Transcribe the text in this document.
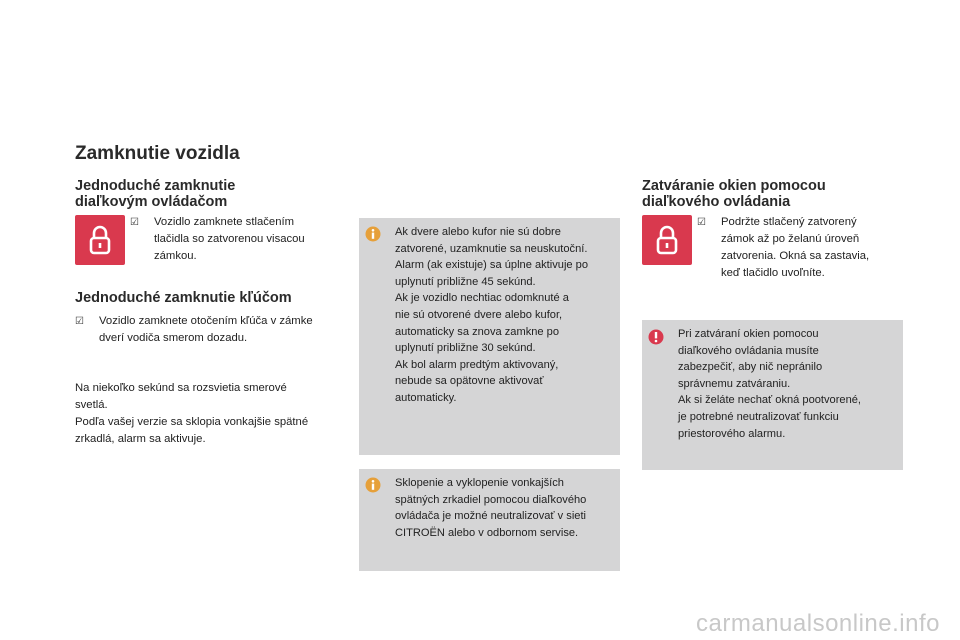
Zamknutie vozidla
Jednoduché zamknutie
diaľkovým ovládačom
☑	Vozidlo zamknete stlačením
tlačidla so zatvorenou visacou
zámkou.
Jednoduché zamknutie kľúčom
☑	Vozidlo zamknete otočením kľúča v zámke
dverí vodiča smerom dozadu.
Na niekoľko sekúnd sa rozsvietia smerové
svetlá.
Podľa vašej verzie sa sklopia vonkajšie spätné
zrkadlá, alarm sa aktivuje.
Ak dvere alebo kufor nie sú dobre
zatvorené, uzamknutie sa neuskutoční.
Alarm (ak existuje) sa úplne aktivuje po
uplynutí približne 45 sekúnd.
Ak je vozidlo nechtiac odomknuté a
nie sú otvorené dvere alebo kufor,
automaticky sa znova zamkne po
uplynutí približne 30 sekúnd.
Ak bol alarm predtým aktivovaný,
nebude sa opätovne aktivovať
automaticky.
Sklopenie a vyklopenie vonkajších
spätných zrkadiel pomocou diaľkového
ovládača je možné neutralizovať v sieti
CITROËN alebo v odbornom servise.
Zatváranie okien pomocou
diaľkového ovládania
☑	Podržte stlačený zatvorený
zámok až po želanú úroveň
zatvorenia. Okná sa zastavia,
keď tlačidlo uvoľníte.
Pri zatváraní okien pomocou
diaľkového ovládania musíte
zabezpečiť, aby nič nepránilo
správnemu zatváraniu.
Ak si želáte nechať okná pootvorené,
je potrebné neutralizovať funkciu
priestorového alarmu.
carmanualsonline.info
